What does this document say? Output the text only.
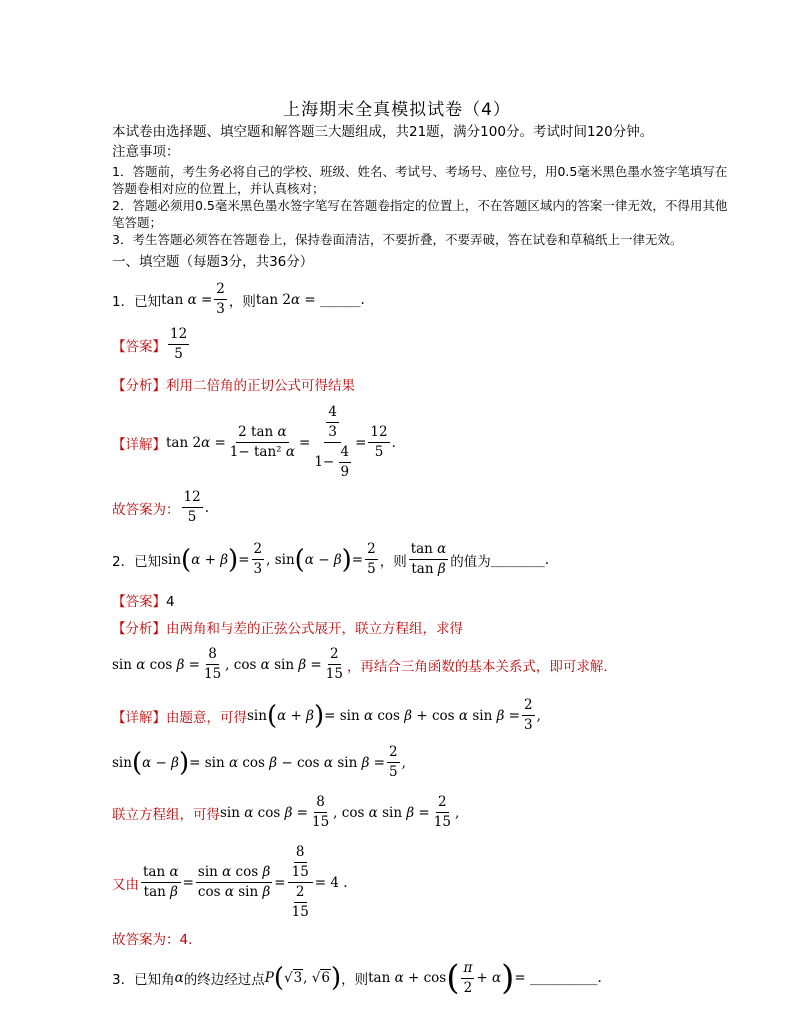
上海期末全真模拟试卷（4）
本试卷由选择题、填空题和解答题三大题组成，共21题，满分100分。考试时间120分钟。
注意事项：
1．答题前，考生务必将自己的学校、班级、姓名、考试号、考场号、座位号，用0.5毫米黑色墨水签字笔填写在
答题卷相对应的位置上，并认真核对；
2．答题必须用0.5毫米黑色墨水签字笔写在答题卷指定的位置上，不在答题区域内的答案一律无效，不得用其他
笔答题；
3．考生答题必须答在答题卷上，保持卷面清洁，不要折叠，不要弄破，答在试卷和草稿纸上一律无效。
一、填空题（每题3分，共36分）
1． 已知 $\tan \alpha = \frac{2}{3}$ ，则 tan 2α = ______.
【答案】 $\frac{12}{5}$
【分析】利用二倍角的正切公式可得结果
【详解】 $\tan 2\alpha = \frac{\text{2 tan α}}{\text{1− tan² α}} = \frac{\frac{4}{3}}{1- \frac{4}{9}} = \frac{12}{5}$ .
故答案为： $\frac{12}{5}$ .
2． 已知 sin ( α + β ) = $\frac{2}{3}$ , sin ( α − β ) = $\frac{2}{5}$ ，则 $\frac{\text{tan α}}{\text{tan β}}$ 的值为 ________.
【答案】4
【分析】由两角和与差的正弦公式展开，联立方程组，求得
sin α $\cos \beta = \frac{8}{15}$ , cos α $\sin \beta = \frac{2}{15}$ ，再结合三角函数的基本关系式，即可求解.
【详解】 由题意，可得 sin ( α + β ) = sin α cos β + cos α $\sin \beta = \frac{2}{3}$ ,
sin ( α − β ) = sin α cos β − cos α $\sin \beta = \frac{2}{5}$ ,
联立方程组，可得 sin α $\cos \beta = \frac{8}{15}$ , cos α $\sin \beta = \frac{2}{15}$ ,
又由 $\frac{\text{tan α}}{\text{tan β}} = \frac{\text{sin α cos β}}{\text{cos α sin β}} = \frac{\frac{8}{15}}{\frac{2}{15}} = 4$ .
故答案为：4．
3． 已知角 α 的终边经过点 P ( √3, √6 ) ，则 tan α + cos ( $\frac{\pi}{2} + \alpha$ ) = __________.
